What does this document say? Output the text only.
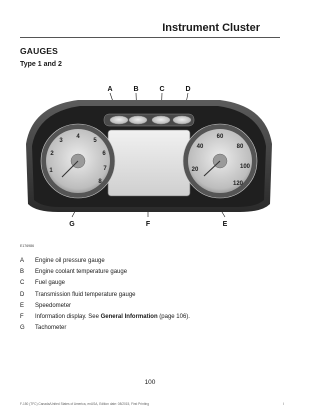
Instrument Cluster
GAUGES
Type 1 and 2
1
2
3
4
5
6
7
8
20
40
60
80
100
120
A	B	C	D
E
F
G
E176986
A	Engine oil pressure gauge
B	Engine coolant temperature gauge
C	Fuel gauge
D	Transmission fluid temperature gauge
E	Speedometer
F	Information display. See General Information (page 106).
G	Tachometer
100
F-150 (TFC) Canada/United States of America, enUSA, Edition date: 08/2015, First Printing	I
